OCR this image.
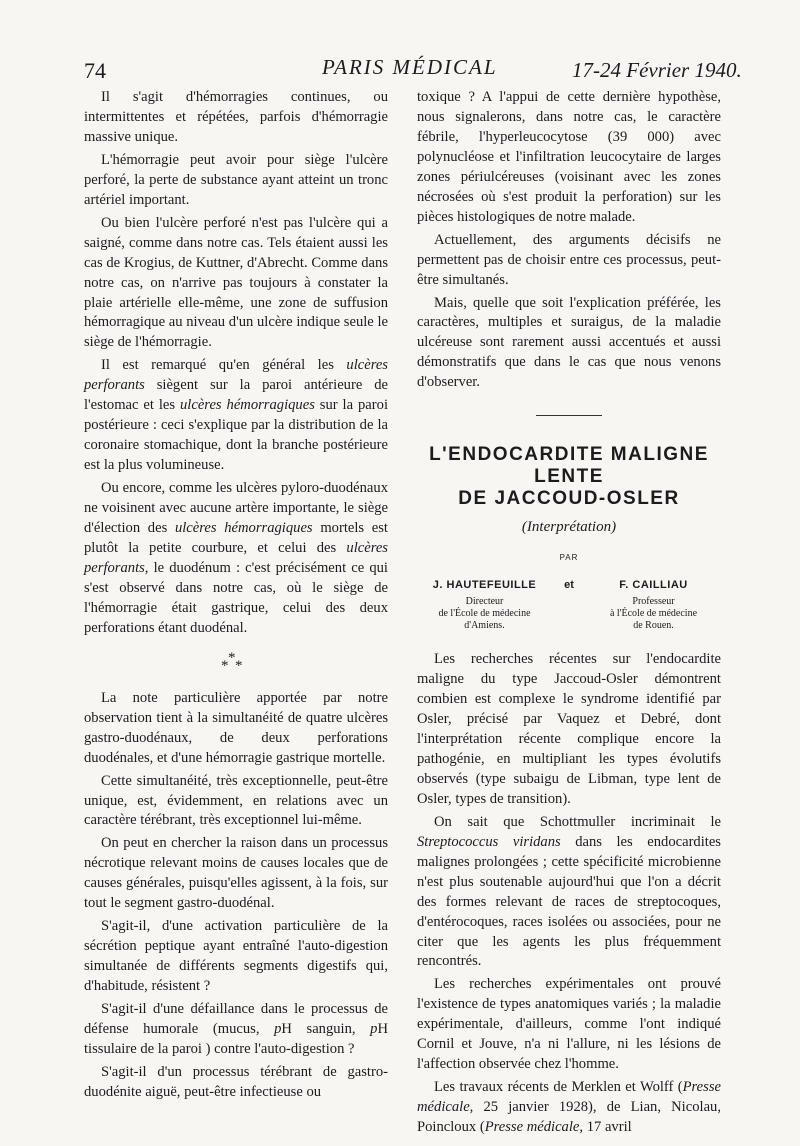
74	PARIS MÉDICAL	17-24 Février 1940.

Il s'agit d'hémorragies continues, ou intermittentes et répétées, parfois d'hémorragie massive unique.

L'hémorragie peut avoir pour siège l'ulcère perforé, la perte de substance ayant atteint un tronc artériel important.

Ou bien l'ulcère perforé n'est pas l'ulcère qui a saigné, comme dans notre cas. Tels étaient aussi les cas de Krogius, de Kuttner, d'Abrecht. Comme dans notre cas, on n'arrive pas toujours à constater la plaie artérielle elle-même, une zone de suffusion hémorragique au niveau d'un ulcère indique seule le siège de l'hémorragie.

Il est remarqué qu'en général les ulcères perforants siègent sur la paroi antérieure de l'estomac et les ulcères hémorragiques sur la paroi postérieure : ceci s'explique par la distribution de la coronaire stomachique, dont la branche postérieure est la plus volumineuse.

Ou encore, comme les ulcères pyloro-duodénaux ne voisinent avec aucune artère importante, le siège d'élection des ulcères hémorragiques mortels est plutôt la petite courbure, et celui des ulcères perforants, le duodénum : c'est précisément ce qui s'est observé dans notre cas, où le siège de l'hémorragie était gastrique, celui des deux perforations étant duodénal.

*
* *

La note particulière apportée par notre observation tient à la simultanéité de quatre ulcères gastro-duodénaux, de deux perforations duodénales, et d'une hémorragie gastrique mortelle.

Cette simultanéité, très exceptionnelle, peut-être unique, est, évidemment, en relations avec un caractère térébrant, très exceptionnel lui-même.

On peut en chercher la raison dans un processus nécrotique relevant moins de causes locales que de causes générales, puisqu'elles agissent, à la fois, sur tout le segment gastro-duodénal.

S'agit-il, d'une activation particulière de la sécrétion peptique ayant entraîné l'auto-digestion simultanée de différents segments digestifs qui, d'habitude, résistent ?

S'agit-il d'une défaillance dans le processus de défense humorale (mucus, pH sanguin, pH tissulaire de la paroi ) contre l'auto-digestion ?

S'agit-il d'un processus térébrant de gastro-duodénite aiguë, peut-être infectieuse ou

toxique ? A l'appui de cette dernière hypothèse, nous signalerons, dans notre cas, le caractère fébrile, l'hyperleucocytose (39 000) avec polynucléose et l'infiltration leucocytaire de larges zones périulcéreuses (voisinant avec les zones nécrosées où s'est produit la perforation) sur les pièces histologiques de notre malade.

Actuellement, des arguments décisifs ne permettent pas de choisir entre ces processus, peut-être simultanés.

Mais, quelle que soit l'explication préférée, les caractères, multiples et suraigus, de la maladie ulcéreuse sont rarement aussi accentués et aussi démonstratifs que dans le cas que nous venons d'observer.

L'ENDOCARDITE MALIGNE
LENTE
DE JACCOUD-OSLER
(Interprétation)
PAR
J. HAUTEFEUILLE
Directeur
de l'École de médecine
d'Amiens.
et	F. CAILLIAU
Professeur
à l'École de médecine
de Rouen.

Les recherches récentes sur l'endocardite maligne du type Jaccoud-Osler démontrent combien est complexe le syndrome identifié par Osler, précisé par Vaquez et Debré, dont l'interprétation récente complique encore la pathogénie, en multipliant les types évolutifs observés (type subaigu de Libman, type lent de Osler, types de transition).

On sait que Schottmuller incriminait le Streptococcus viridans dans les endocardites malignes prolongées ; cette spécificité microbienne n'est plus soutenable aujourd'hui que l'on a décrit des formes relevant de races de streptocoques, d'entérocoques, races isolées ou associées, pour ne citer que les agents les plus fréquemment rencontrés.

Les recherches expérimentales ont prouvé l'existence de types anatomiques variés ; la maladie expérimentale, d'ailleurs, comme l'ont indiqué Cornil et Jouve, n'a ni l'allure, ni les lésions de l'affection observée chez l'homme.

Les travaux récents de Merklen et Wolff (Presse médicale, 25 janvier 1928), de Lian, Nicolau, Poincloux (Presse médicale, 17 avril
